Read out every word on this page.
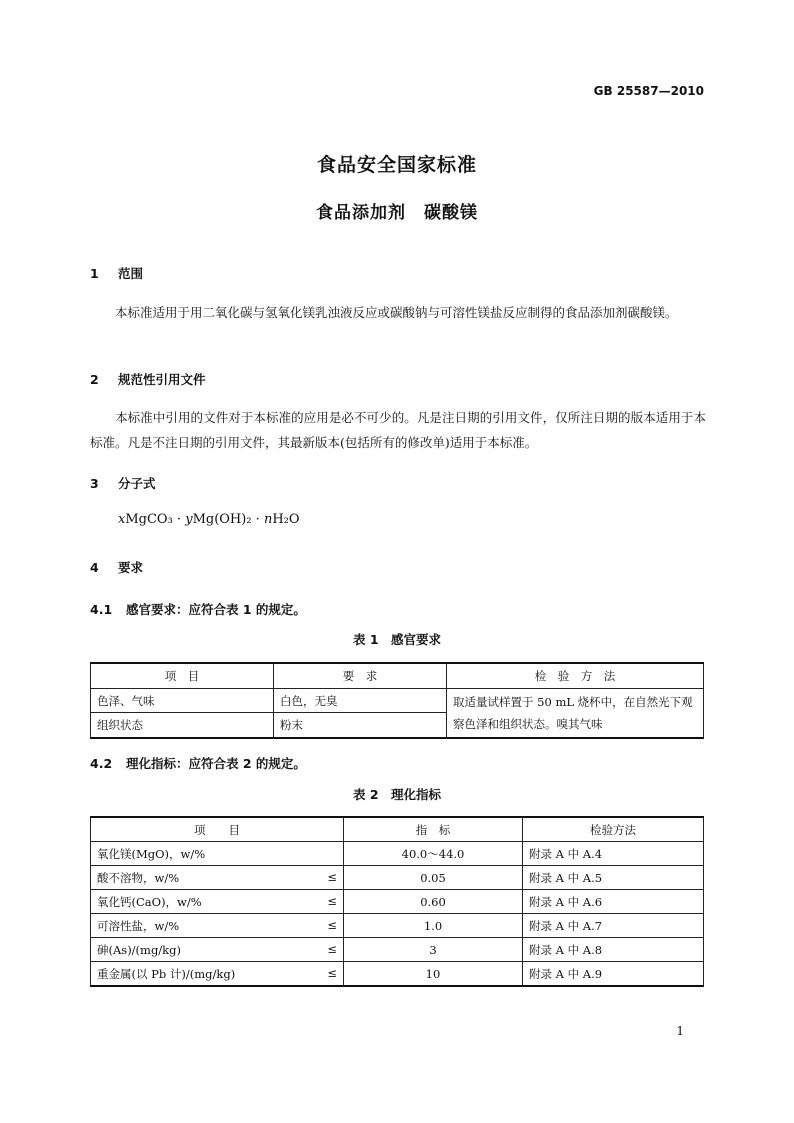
GB 25587—2010
食品安全国家标准
食品添加剂　碳酸镁
1 范围
本标准适用于用二氧化碳与氢氧化镁乳浊液反应或碳酸钠与可溶性镁盐反应制得的食品添加剂碳酸镁。
2 规范性引用文件
本标准中引用的文件对于本标准的应用是必不可少的。凡是注日期的引用文件，仅所注日期的版本适用于本标准。凡是不注日期的引用文件，其最新版本(包括所有的修改单)适用于本标准。
3 分子式
xMgCO₃ · yMg(OH)₂ · nH₂O
4 要求
4.1 感官要求：应符合表 1 的规定。
表 1　感官要求
项　目	要　求	检　验　方　法
色泽、气味	白色，无臭	取适量试样置于 50 mL 烧杯中，在自然光下观察色泽和组织状态。嗅其气味
组织状态	粉末	
4.2 理化指标：应符合表 2 的规定。
表 2　理化指标
项　　目	指　标	检验方法
氧化镁(MgO)，w/%	40.0～44.0	附录 A 中 A.4
酸不溶物，w/% ≤	0.05	附录 A 中 A.5
氧化钙(CaO)，w/% ≤	0.60	附录 A 中 A.6
可溶性盐，w/% ≤	1.0	附录 A 中 A.7
砷(As)/(mg/kg) ≤	3	附录 A 中 A.8
重金属(以 Pb 计)/(mg/kg) ≤	10	附录 A 中 A.9
1
